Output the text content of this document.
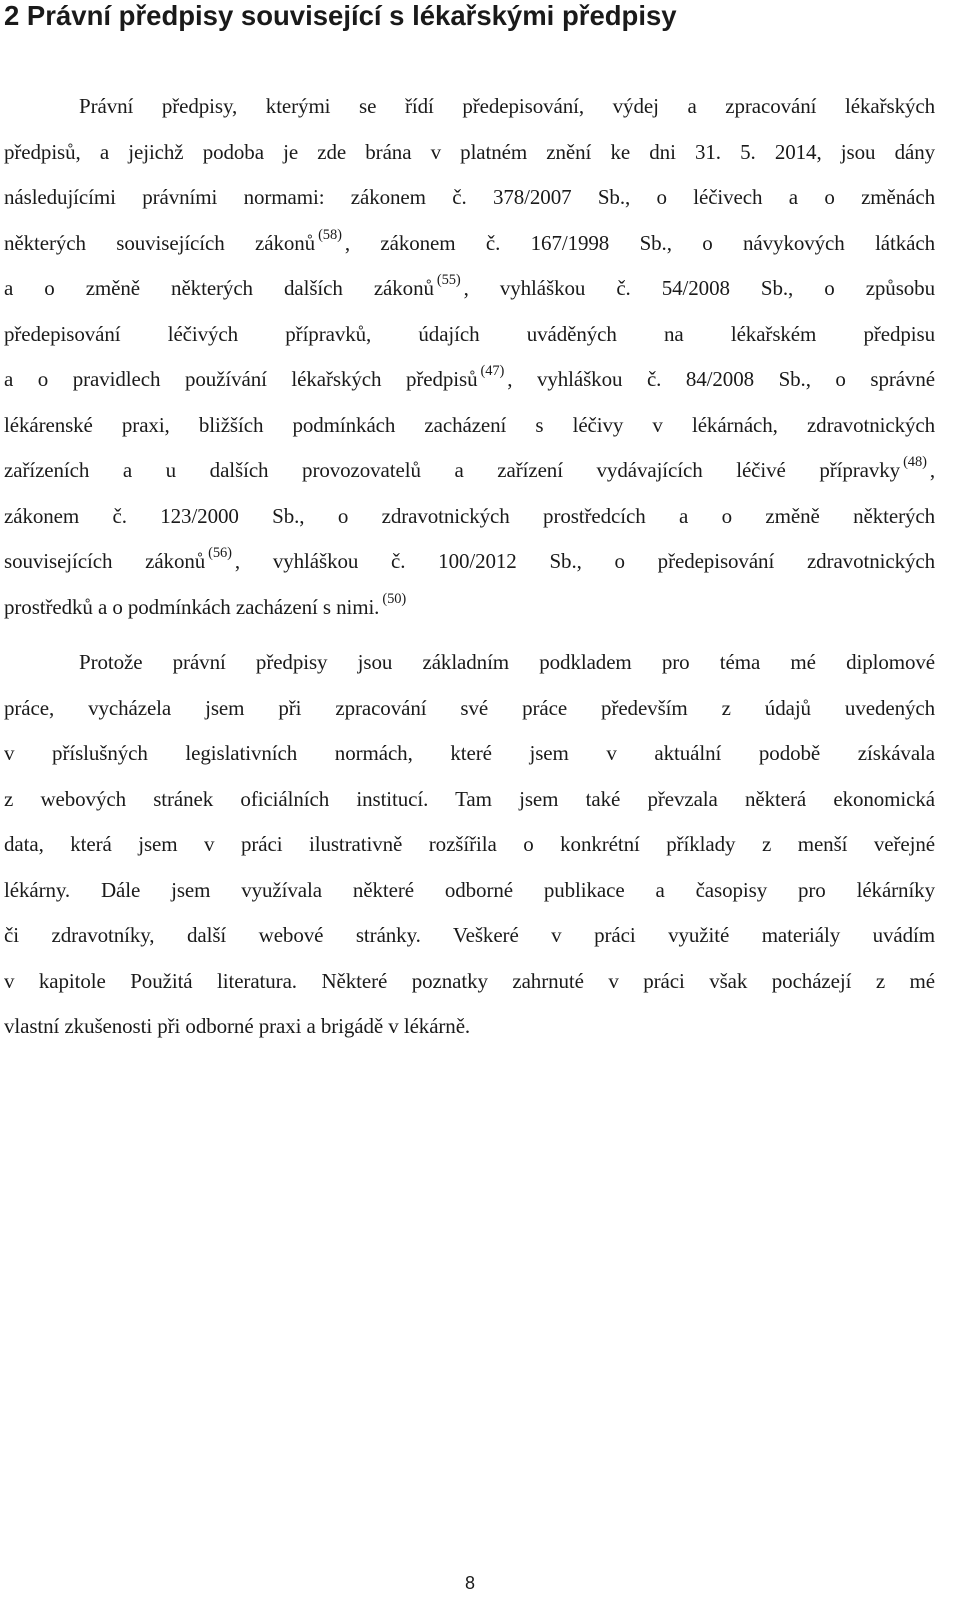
2 Právní předpisy související s lékařskými předpisy
Právní předpisy, kterými se řídí předepisování, výdej a zpracování lékařských
předpisů, a jejichž podoba je zde brána v platném znění ke dni 31. 5. 2014, jsou dány
následujícími právními normami: zákonem č. 378/2007 Sb., o léčivech a o změnách
některých souvisejících zákonů $^{(58)}$ , zákonem č. 167/1998 Sb., o návykových látkách
a o změně některých dalších zákonů $^{(55)}$ , vyhláškou č. 54/2008 Sb., o způsobu
předepisování léčivých přípravků, údajích uváděných na lékařském předpisu
a o pravidlech používání lékařských předpisů $^{(47)}$ , vyhláškou č. 84/2008 Sb., o správné
lékárenské praxi, bližších podmínkách zacházení s léčivy v lékárnách, zdravotnických
zařízeních a u dalších provozovatelů a zařízení vydávajících léčivé přípravky $^{(48)}$ ,
zákonem č. 123/2000 Sb., o zdravotnických prostředcích a o změně některých
souvisejících zákonů $^{(56)}$ , vyhláškou č. 100/2012 Sb., o předepisování zdravotnických
prostředků a o podmínkách zacházení s nimi. $^{(50)}$
Protože právní předpisy jsou základním podkladem pro téma mé diplomové
práce, vycházela jsem při zpracování své práce především z údajů uvedených
v příslušných legislativních normách, které jsem v aktuální podobě získávala
z webových stránek oficiálních institucí. Tam jsem také převzala některá ekonomická
data, která jsem v práci ilustrativně rozšířila o konkrétní příklady z menší veřejné
lékárny. Dále jsem využívala některé odborné publikace a časopisy pro lékárníky
či zdravotníky, další webové stránky. Veškeré v práci využité materiály uvádím
v kapitole Použitá literatura. Některé poznatky zahrnuté v práci však pocházejí z mé
vlastní zkušenosti při odborné praxi a brigádě v lékárně.
8
